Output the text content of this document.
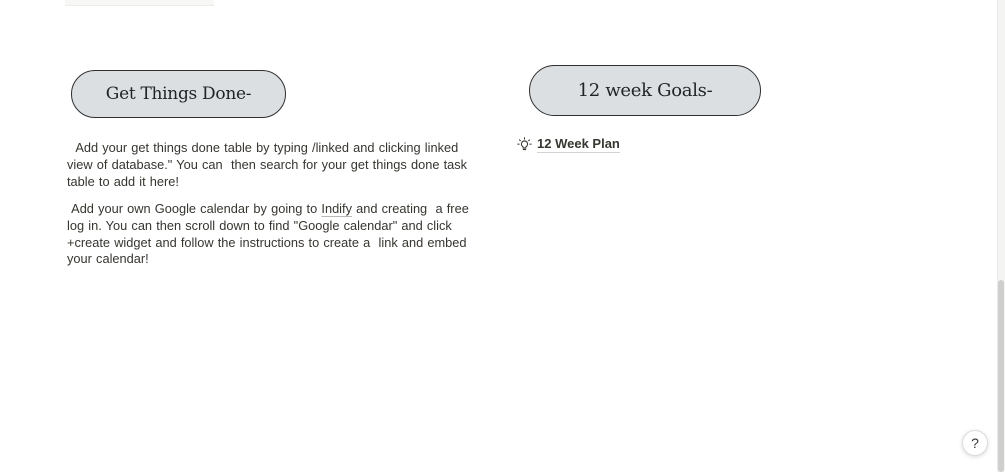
Get Things Done-
Add your get things done table by typing /linked and clicking linked view of database." You can  then search for your get things done task table to add it here!
Add your own Google calendar by going to Indify and creating  a free log in. You can then scroll down to find "Google calendar" and click +create widget and follow the instructions to create a  link and embed your calendar!
12 week Goals-
12 Week Plan
?
